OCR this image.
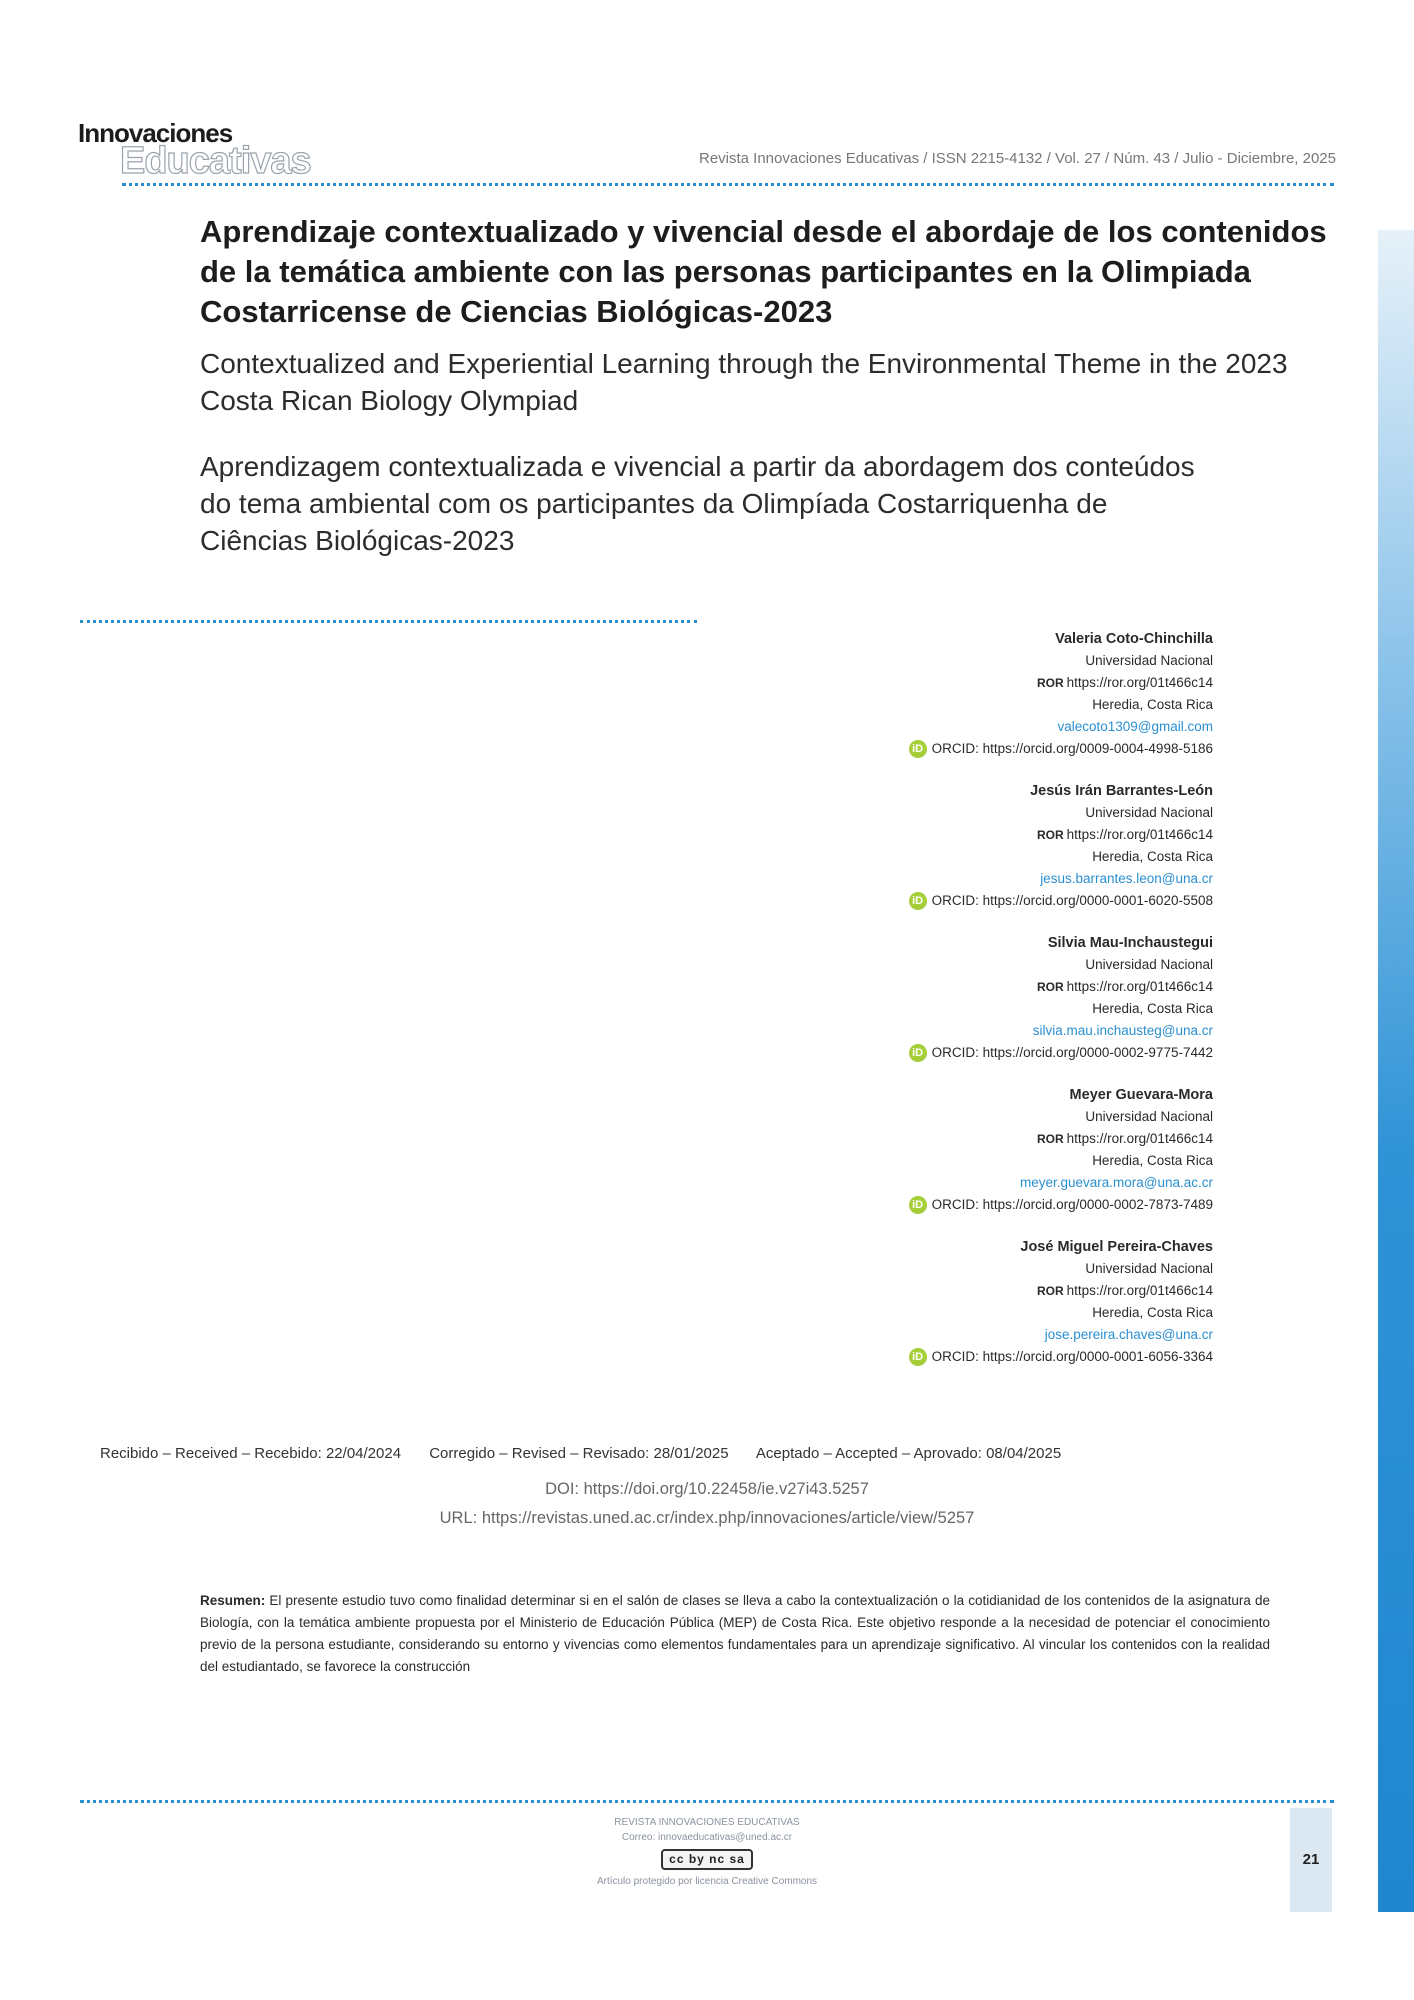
Innovaciones
Educativas	Revista Innovaciones Educativas / ISSN 2215-4132 / Vol. 27 / Núm. 43 / Julio - Diciembre, 2025
Aprendizaje contextualizado y vivencial desde el abordaje de los contenidos de la temática ambiente con las personas participantes en la Olimpiada Costarricense de Ciencias Biológicas-2023
Contextualized and Experiential Learning through the Environmental Theme in the 2023 Costa Rican Biology Olympiad
Aprendizagem contextualizada e vivencial a partir da abordagem dos conteúdos do tema ambiental com os participantes da Olimpíada Costarriquenha de Ciências Biológicas-2023
Valeria Coto-Chinchilla
Universidad Nacional
ROR https://ror.org/01t466c14
Heredia, Costa Rica
valecoto1309@gmail.com
iD ORCID: https://orcid.org/0009-0004-4998-5186
Jesús Irán Barrantes-León
Universidad Nacional
ROR https://ror.org/01t466c14
Heredia, Costa Rica
jesus.barrantes.leon@una.cr
iD ORCID: https://orcid.org/0000-0001-6020-5508
Silvia Mau-Inchaustegui
Universidad Nacional
ROR https://ror.org/01t466c14
Heredia, Costa Rica
silvia.mau.inchausteg@una.cr
iD ORCID: https://orcid.org/0000-0002-9775-7442
Meyer Guevara-Mora
Universidad Nacional
ROR https://ror.org/01t466c14
Heredia, Costa Rica
meyer.guevara.mora@una.ac.cr
iD ORCID: https://orcid.org/0000-0002-7873-7489
José Miguel Pereira-Chaves
Universidad Nacional
ROR https://ror.org/01t466c14
Heredia, Costa Rica
jose.pereira.chaves@una.cr
iD ORCID: https://orcid.org/0000-0001-6056-3364
Recibido – Received – Recebido: 22/04/2024 Corregido – Revised – Revisado: 28/01/2025 Aceptado – Accepted – Aprovado: 08/04/2025
DOI: https://doi.org/10.22458/ie.v27i43.5257
URL: https://revistas.uned.ac.cr/index.php/innovaciones/article/view/5257
Resumen: El presente estudio tuvo como finalidad determinar si en el salón de clases se lleva a cabo la contextualización o la cotidianidad de los contenidos de la asignatura de Biología, con la temática ambiente propuesta por el Ministerio de Educación Pública (MEP) de Costa Rica. Este objetivo responde a la necesidad de potenciar el conocimiento previo de la persona estudiante, considerando su entorno y vivencias como elementos fundamentales para un aprendizaje significativo. Al vincular los contenidos con la realidad del estudiantado, se favorece la construcción
REVISTA INNOVACIONES EDUCATIVAS
Correo: innovaeducativas@uned.ac.cr
cc by nc sa
Artículo protegido por licencia Creative Commons
21
